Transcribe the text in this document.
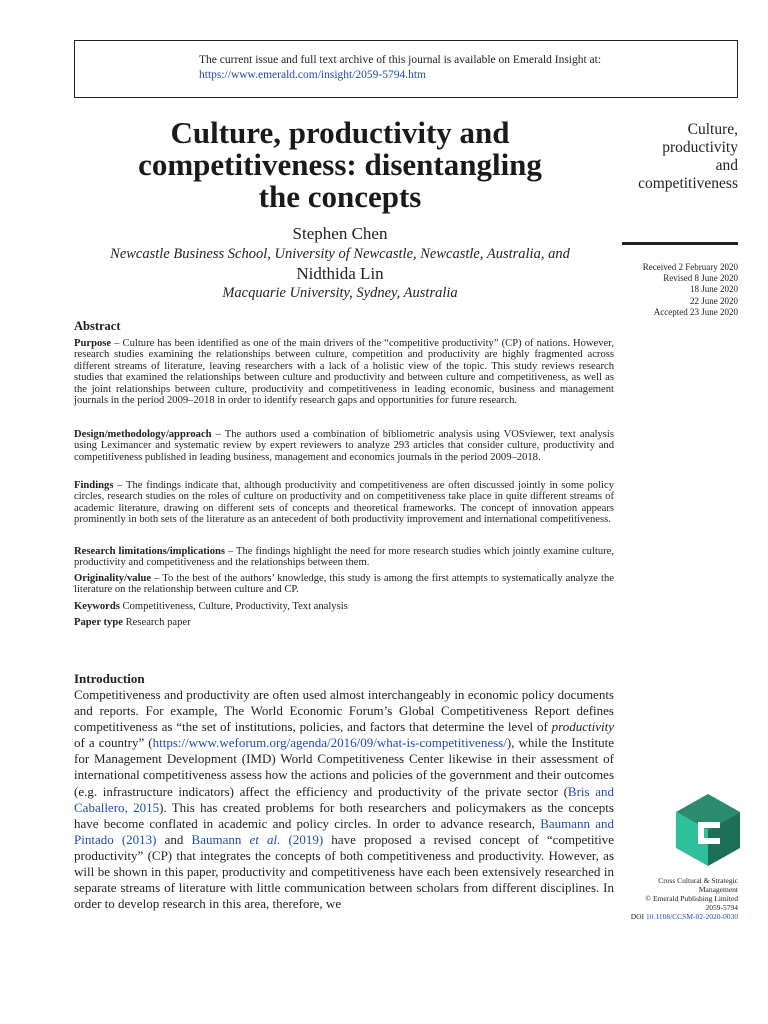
The current issue and full text archive of this journal is available on Emerald Insight at:
https://www.emerald.com/insight/2059-5794.htm
Culture, productivity and
competitiveness: disentangling
the concepts
Stephen Chen
Newcastle Business School, University of Newcastle, Newcastle, Australia, and
Nidthida Lin
Macquarie University, Sydney, Australia
Culture,
productivity
and
competitiveness
Received 2 February 2020
Revised 8 June 2020
18 June 2020
22 June 2020
Accepted 23 June 2020
Abstract
Purpose – Culture has been identified as one of the main drivers of the “competitive productivity” (CP) of nations. However, research studies examining the relationships between culture, competition and productivity are highly fragmented across different streams of literature, leaving researchers with a lack of a holistic view of the topic. This study reviews research studies that examined the relationships between culture and productivity and between culture and competitiveness, as well as the joint relationships between culture, productivity and competitiveness in leading economic, business and management journals in the period 2009–2018 in order to identify research gaps and opportunities for future research.
Design/methodology/approach – The authors used a combination of bibliometric analysis using VOSviewer, text analysis using Leximancer and systematic review by expert reviewers to analyze 293 articles that consider culture, productivity and competitiveness published in leading business, management and economics journals in the period 2009–2018.
Findings – The findings indicate that, although productivity and competitiveness are often discussed jointly in some policy circles, research studies on the roles of culture on productivity and on competitiveness take place in quite different streams of academic literature, drawing on different sets of concepts and theoretical frameworks. The concept of innovation appears prominently in both sets of the literature as an antecedent of both productivity improvement and international competitiveness.
Research limitations/implications – The findings highlight the need for more research studies which jointly examine culture, productivity and competitiveness and the relationships between them.
Originality/value – To the best of the authors’ knowledge, this study is among the first attempts to systematically analyze the literature on the relationship between culture and CP.
Keywords Competitiveness, Culture, Productivity, Text analysis
Paper type Research paper
Introduction
Competitiveness and productivity are often used almost interchangeably in economic policy documents and reports. For example, The World Economic Forum’s Global Competitiveness Report defines competitiveness as “the set of institutions, policies, and factors that determine the level of productivity of a country” (https://www.weforum.org/agenda/2016/09/what-is-competitiveness/), while the Institute for Management Development (IMD) World Competitiveness Center likewise in their assessment of international competitiveness assess how the actions and policies of the government and their outcomes (e.g. infrastructure indicators) affect the efficiency and productivity of the private sector (Bris and Caballero, 2015). This has created problems for both researchers and policymakers as the concepts have become conflated in academic and policy circles. In order to advance research, Baumann and Pintado (2013) and Baumann et al. (2019) have proposed a revised concept of “competitive productivity” (CP) that integrates the concepts of both competitiveness and productivity. However, as will be shown in this paper, productivity and competitiveness have each been extensively researched in separate streams of literature with little communication between scholars from different disciplines. In order to develop research in this area, therefore, we
Cross Cultural & Strategic
Management
© Emerald Publishing Limited
2059-5794
DOI 10.1108/CCSM-02-2020-0030
